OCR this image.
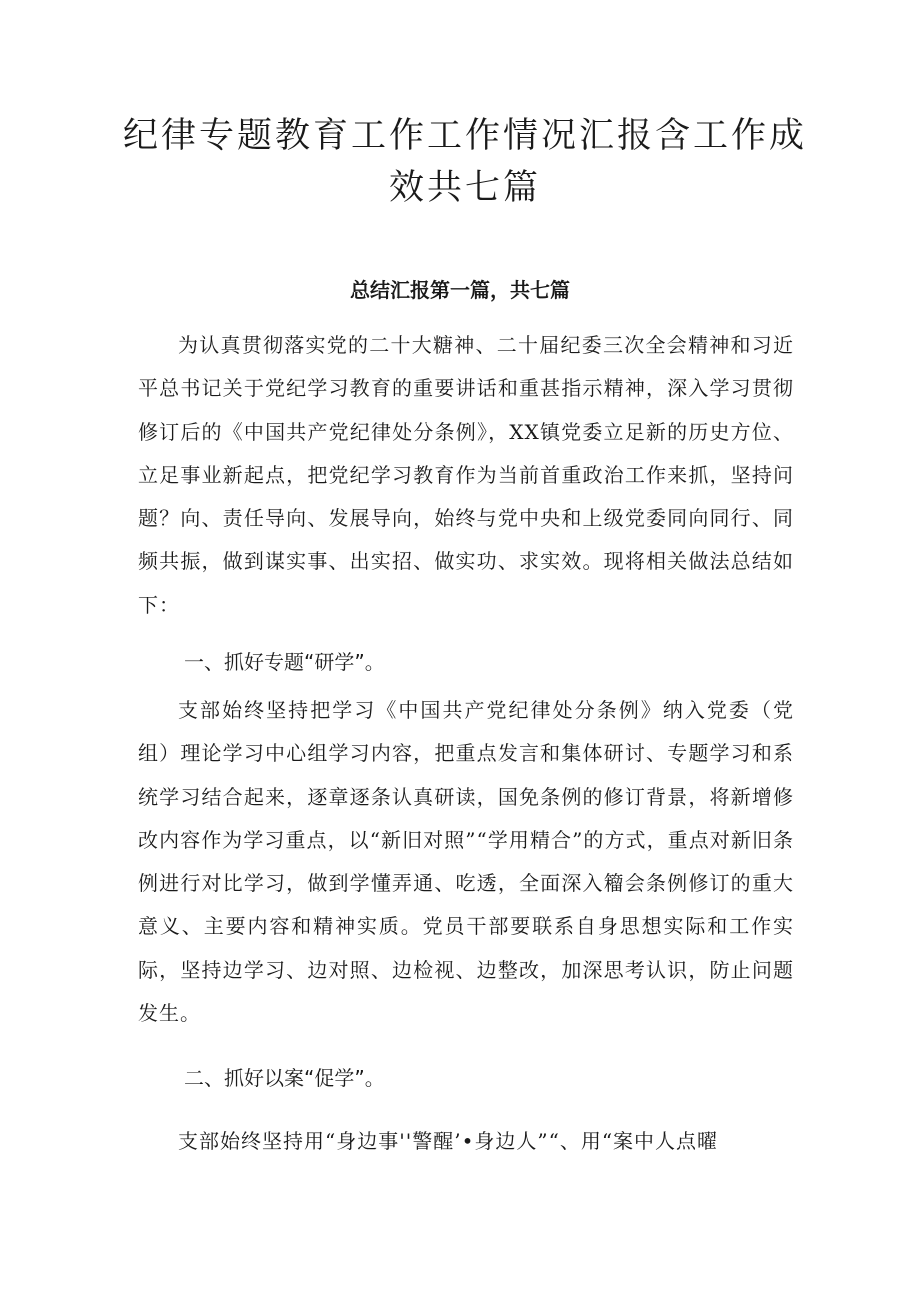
纪律专题教育工作工作情况汇报含工作成
效共七篇
总结汇报第一篇，共七篇
为认真贯彻落实党的二十大糖神、二十届纪委三次全会精神和习近平总书记关于党纪学习教育的重要讲话和重甚指示精神，深入学习贯彻修订后的《中国共产党纪律处分条例》，XX镇党委立足新的历史方位、立足事业新起点，把党纪学习教育作为当前首重政治工作来抓，坚持问题？向、责任导向、发展导向，始终与党中央和上级党委同向同行、同频共振，做到谋实事、出实招、做实功、求实效。现将相关做法总结如下：
一、抓好专题“研学”。
支部始终坚持把学习《中国共产党纪律处分条例》纳入党委（党组）理论学习中心组学习内容，把重点发言和集体研讨、专题学习和系统学习结合起来，逐章逐条认真研读，国免条例的修订背景，将新增修改内容作为学习重点，以“新旧对照”“学用精合”的方式，重点对新旧条例进行对比学习，做到学懂弄通、吃透，全面深入籕会条例修订的重大意义、主要内容和精神实质。党员干部要联系自身思想实际和工作实际，坚持边学习、边对照、边检视、边整改，加深思考认识，防止问题发生。
二、抓好以案“促学”。
支部始终坚持用“身边事''警醒’•身边人”“、用“案中人点曜
